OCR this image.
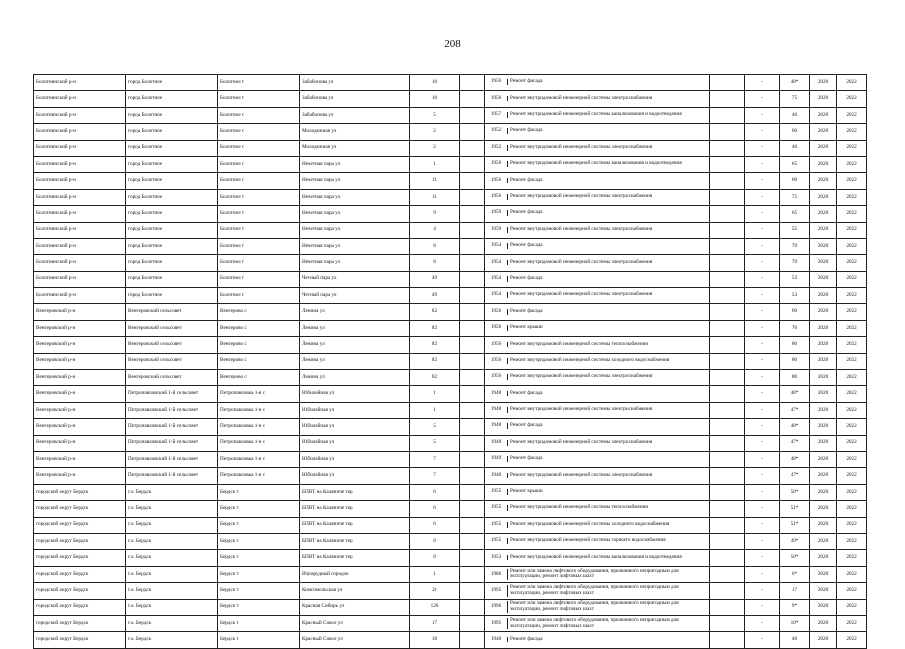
208
Болотнинский р-н	город Болотное	Болотное г	Забабонова ул	10		1956 Ремонт фасада		-	48*	2020	2022
Болотнинский р-н	город Болотное	Болотное г	Забабонова ул	10		1956 Ремонт внутридомовой инженерной системы электроснабжения		-	75	2020	2022
Болотнинский р-н	город Болотное	Болотное г	Забабонова ул	5		1957 Ремонт внутридомовой инженерной системы канализования и водоотведения		-	40	2020	2022
Болотнинский р-н	город Болотное	Болотное г	Молодежная ул	2		1952 Ремонт фасада		-	60	2020	2022
Болотнинский р-н	город Болотное	Болотное г	Молодежная ул	2		1952 Ремонт внутридомовой инженерной системы электроснабжения		-	40	2020	2022
Болотнинский р-н	город Болотное	Болотное г	Нечетная пара ул	1		1956 Ремонт внутридомовой инженерной системы канализования и водоотведения		-	65	2020	2022
Болотнинский р-н	город Болотное	Болотное г	Нечетная пара ул	11		1956 Ремонт фасада		-	60	2020	2022
Болотнинский р-н	город Болотное	Болотное г	Нечетная пара ул	11		1956 Ремонт внутридомовой инженерной системы электроснабжения		-	75	2020	2022
Болотнинский р-н	город Болотное	Болотное г	Нечетная пара ул	9		1959 Ремонт фасада		-	65	2020	2022
Болотнинский р-н	город Болотное	Болотное г	Нечетная пара ул	4		1959 Ремонт внутридомовой инженерной системы электроснабжения		-	55	2020	2022
Болотнинский р-н	город Болотное	Болотное г	Нечетная пара ул	8		1954 Ремонт фасада		-	70	2020	2022
Болотнинский р-н	город Болотное	Болотное г	Нечетная пара ул	8		1954 Ремонт внутридомовой инженерной системы электроснабжения		-	70	2020	2022
Болотнинский р-н	город Болотное	Болотное г	Четный пара ул	49		1954 Ремонт фасада		-	53	2020	2022
Болотнинский р-н	город Болотное	Болотное г	Четный пара ул	49		1954 Ремонт внутридомовой инженерной системы электроснабжения		-	53	2020	2022
Венгеровский р-н	Венгеровский сельсовет	Венгерово с	Ленина ул	82		1956 Ремонт фасада		-	60	2020	2022
Венгеровский р-н	Венгеровский сельсовет	Венгерово с	Ленина ул	82		1956 Ремонт крыши		-	70	2020	2022
Венгеровский р-н	Венгеровский сельсовет	Венгерово с	Ленина ул	82		1956 Ремонт внутридомовой инженерной системы теплоснабжения		-	80	2020	2022
Венгеровский р-н	Венгеровский сельсовет	Венгерово с	Ленина ул	82		1956 Ремонт внутридомовой инженерной системы холодного водоснабжения		-	80	2020	2022
Венгеровский р-н	Венгеровский сельсовет	Венгерово с	Ленина ул	82		1956 Ремонт внутридомовой инженерной системы электроснабжения		-	80	2020	2022
Венгеровский р-н	Петропавловский 1-й сельсовет	Петропавловка 1-я с	Юбилейная ул	1		1948 Ремонт фасада		-	48*	2020	2022
Венгеровский р-н	Петропавловский 1-й сельсовет	Петропавловка 1-я с	Юбилейная ул	1		1948 Ремонт внутридомовой инженерной системы электроснабжения		-	47*	2020	2022
Венгеровский р-н	Петропавловский 1-й сельсовет	Петропавловка 1-я с	Юбилейная ул	5		1948 Ремонт фасада		-	48*	2020	2022
Венгеровский р-н	Петропавловский 1-й сельсовет	Петропавловка 1-я с	Юбилейная ул	5		1948 Ремонт внутридомовой инженерной системы электроснабжения		-	47*	2020	2022
Венгеровский р-н	Петропавловский 1-й сельсовет	Петропавловка 1-я с	Юбилейная ул	7		1949 Ремонт фасада		-	48*	2020	2022
Венгеровский р-н	Петропавловский 1-й сельсовет	Петропавловка 1-я с	Юбилейная ул	7		1948 Ремонт внутридомовой инженерной системы электроснабжения		-	47*	2020	2022
городской округ Бердск	г.о. Бердск	Бердск г	БПВТ на Каляниче тер	6		1955 Ремонт крыши		-	50*	2020	2022
городской округ Бердск	г.о. Бердск	Бердск г	БПВТ на Каляниче тер	6		1955 Ремонт внутридомовой инженерной системы теплоснабжения		-	51*	2020	2022
городской округ Бердск	г.о. Бердск	Бердск г	БПВТ на Каляниче тер	6		1955 Ремонт внутридомовой инженерной системы холодного водоснабжения		-	51*	2020	2022
городской округ Бердск	г.о. Бердск	Бердск г	БПВТ на Каляниче тер	8		1955 Ремонт внутридомовой инженерной системы горячего водоснабжения		-	49*	2020	2022
городской округ Бердск	г.о. Бердск	Бердск г	БПВТ на Каляниче тер	8		1953 Ремонт внутридомовой инженерной системы канализования и водоотведения		-	50*	2020	2022
городской округ Бердск	г.о. Бердск	Бердск г	Изумрудный городок	1		1986 Ремонт или замена лифтового оборудования, признанного непригодным для эксплуатации, ремонт лифтовых шахт		-	6*	2020	2022
городской округ Бердск	г.о. Бердск	Бердск г	Комсомольская ул	2г		1995 Ремонт или замена лифтового оборудования, признанного непригодным для эксплуатации, ремонт лифтовых шахт		-	17	2020	2022
городской округ Бердск	г.о. Бердск	Бердск г	Красная Сибирь ул	126		1996 Ремонт или замена лифтового оборудования, признанного непригодным для эксплуатации, ремонт лифтовых шахт		-	9*	2020	2022
городской округ Бердск	г.о. Бердск	Бердск г	Красный Сокол ул	17		1995 Ремонт или замена лифтового оборудования, признанного непригодным для эксплуатации, ремонт лифтовых шахт		-	10*	2020	2022
городской округ Бердск	г.о. Бердск	Бердск г	Красный Сокол ул	18		1940 Ремонт фасада		-	40	2020	2022
